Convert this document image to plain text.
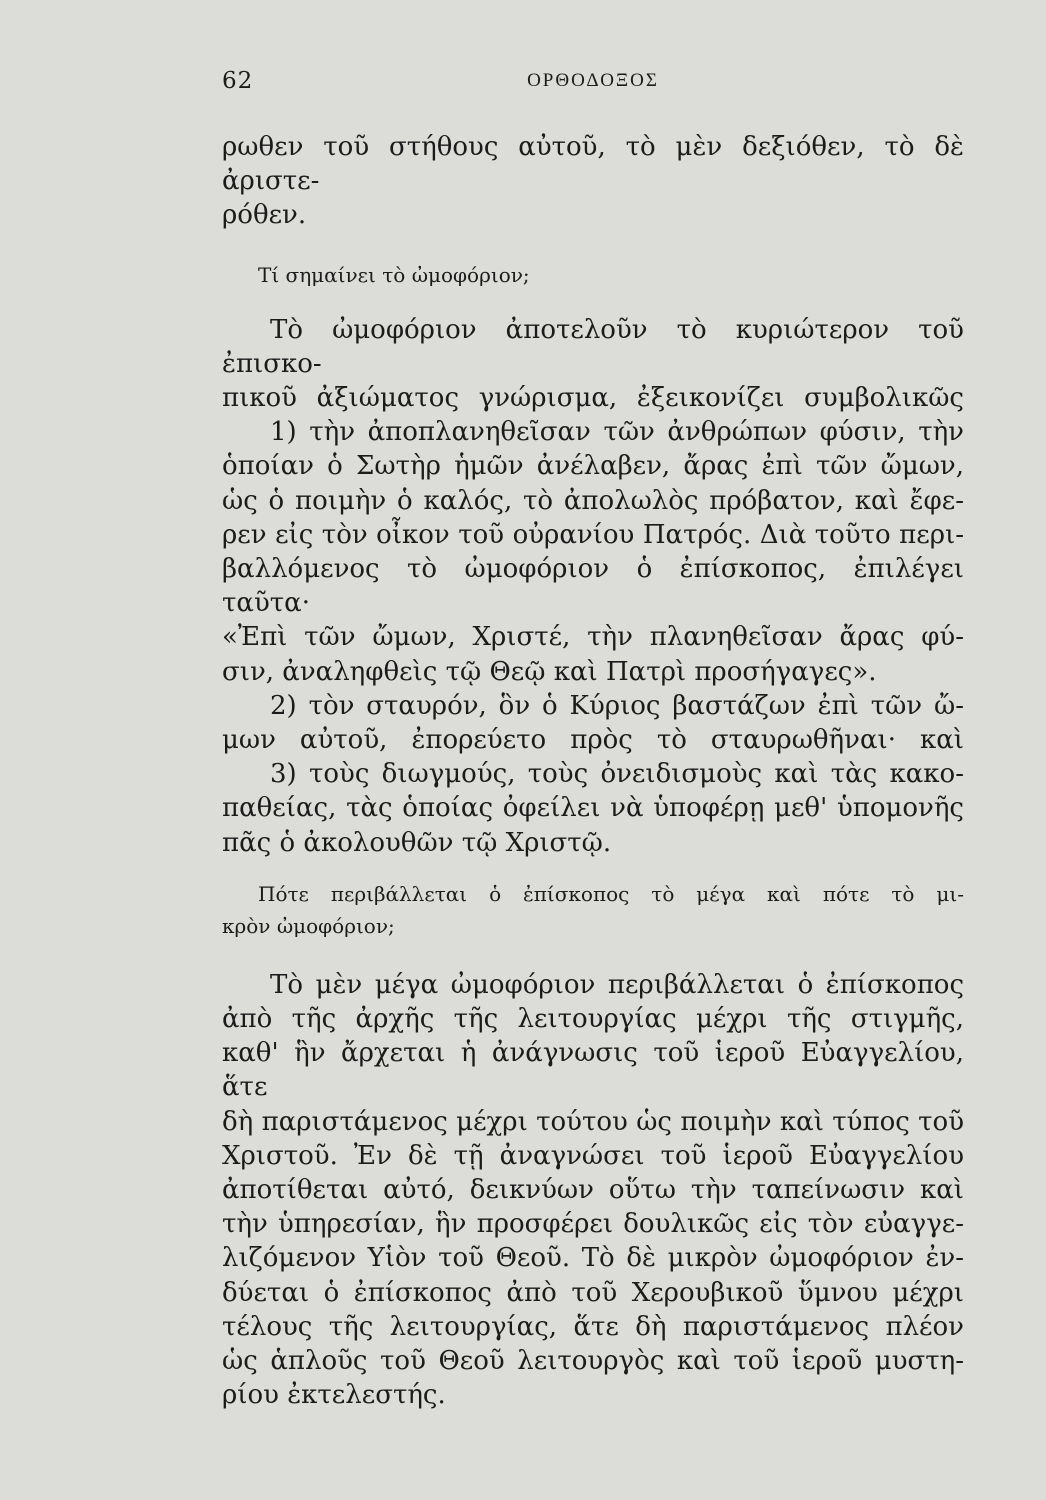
62	ΟΡΘΟΔΟΞΟΣ

ρωθεν τοῦ στήθους αὐτοῦ, τὸ μὲν δεξιόθεν, τὸ δὲ ἀριστε-
ρόθεν.

Τί σημαίνει τὸ ὠμοφόριον;

Τὸ ὠμοφόριον ἀποτελοῦν τὸ κυριώτερον τοῦ ἐπισκο-
πικοῦ ἀξιώματος γνώρισμα, ἐξεικονίζει συμβολικῶς
1) τὴν ἀποπλανηθεῖσαν τῶν ἀνθρώπων φύσιν, τὴν
ὁποίαν ὁ Σωτὴρ ἡμῶν ἀνέλαβεν, ἄρας ἐπὶ τῶν ὤμων,
ὡς ὁ ποιμὴν ὁ καλός, τὸ ἀπολωλὸς πρόβατον, καὶ ἔφε-
ρεν εἰς τὸν οἶκον τοῦ οὐρανίου Πατρός. Διὰ τοῦτο περι-
βαλλόμενος τὸ ὠμοφόριον ὁ ἐπίσκοπος, ἐπιλέγει ταῦτα·
«Ἐπὶ τῶν ὤμων, Χριστέ, τὴν πλανηθεῖσαν ἄρας φύ-
σιν, ἀναληφθεὶς τῷ Θεῷ καὶ Πατρὶ προσήγαγες».
2) τὸν σταυρόν, ὃν ὁ Κύριος βαστάζων ἐπὶ τῶν ὤ-
μων αὐτοῦ, ἐπορεύετο πρὸς τὸ σταυρωθῆναι· καὶ
3) τοὺς διωγμούς, τοὺς ὀνειδισμοὺς καὶ τὰς κακο-
παθείας, τὰς ὁποίας ὀφείλει νὰ ὑποφέρῃ μεθ' ὑπομονῆς
πᾶς ὁ ἀκολουθῶν τῷ Χριστῷ.

Πότε περιβάλλεται ὁ ἐπίσκοπος τὸ μέγα καὶ πότε τὸ μι-
κρὸν ὠμοφόριον;

Τὸ μὲν μέγα ὠμοφόριον περιβάλλεται ὁ ἐπίσκοπος
ἀπὸ τῆς ἀρχῆς τῆς λειτουργίας μέχρι τῆς στιγμῆς,
καθ' ἣν ἄρχεται ἡ ἀνάγνωσις τοῦ ἱεροῦ Εὐαγγελίου, ἅτε
δὴ παριστάμενος μέχρι τούτου ὡς ποιμὴν καὶ τύπος τοῦ
Χριστοῦ. Ἐν δὲ τῇ ἀναγνώσει τοῦ ἱεροῦ Εὐαγγελίου
ἀποτίθεται αὐτό, δεικνύων οὕτω τὴν ταπείνωσιν καὶ
τὴν ὑπηρεσίαν, ἣν προσφέρει δουλικῶς εἰς τὸν εὐαγγε-
λιζόμενον Υἱὸν τοῦ Θεοῦ. Τὸ δὲ μικρὸν ὠμοφόριον ἐν-
δύεται ὁ ἐπίσκοπος ἀπὸ τοῦ Χερουβικοῦ ὕμνου μέχρι
τέλους τῆς λειτουργίας, ἅτε δὴ παριστάμενος πλέον
ὡς ἁπλοῦς τοῦ Θεοῦ λειτουργὸς καὶ τοῦ ἱεροῦ μυστη-
ρίου ἐκτελεστής.
